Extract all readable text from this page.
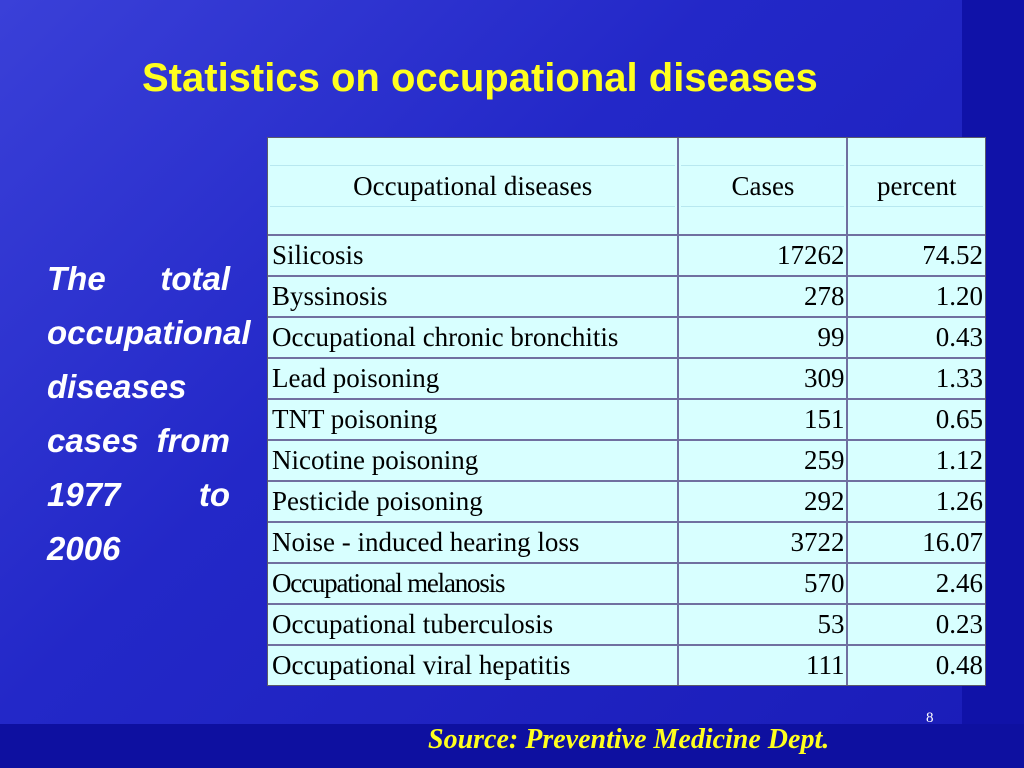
Statistics on occupational diseases
The total occupational diseases cases from 1977 to 2006
Occupational diseases	Cases	percent

Silicosis	17262	74.52
Byssinosis	278	1.20
Occupational chronic bronchitis	99	0.43
Lead poisoning	309	1.33
TNT poisoning	151	0.65
Nicotine poisoning	259	1.12
Pesticide poisoning	292	1.26
Noise - induced hearing loss	3722	16.07
Occupational melanosis	570	2.46
Occupational tuberculosis	53	0.23
Occupational viral hepatitis	111	0.48
8
Source: Preventive Medicine Dept.
